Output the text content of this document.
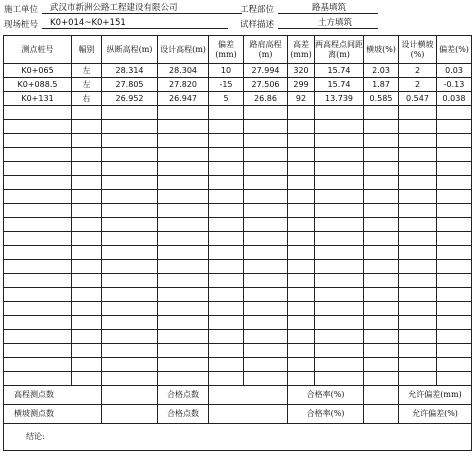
施工单位 武汉市新洲公路工程建设有限公司	工程部位	路基填筑
现场桩号 K0+014~K0+151	试样描述	土方填筑
测点桩号	幅别	纵断高程(m)	设计高程(m)	偏差(mm)	路肩高程(m)	高差(mm)	两高程点间距离(m)	横坡(%)	设计横坡(%)	偏差(%)
K0+065	左	28.314	28.304	10	27.994	320	15.74	2.03	2	0.03
K0+088.5	左	27.805	27.820	-15	27.506	299	15.74	1.87	2	-0.13
K0+131	右	26.952	26.947	5	26.86	92	13.739	0.585	0.547	0.038

高程测点数			合格点数			合格率(%)			允许偏差(mm)	
横坡测点数			合格点数			合格率(%)			允许偏差(%)	
结论:										
